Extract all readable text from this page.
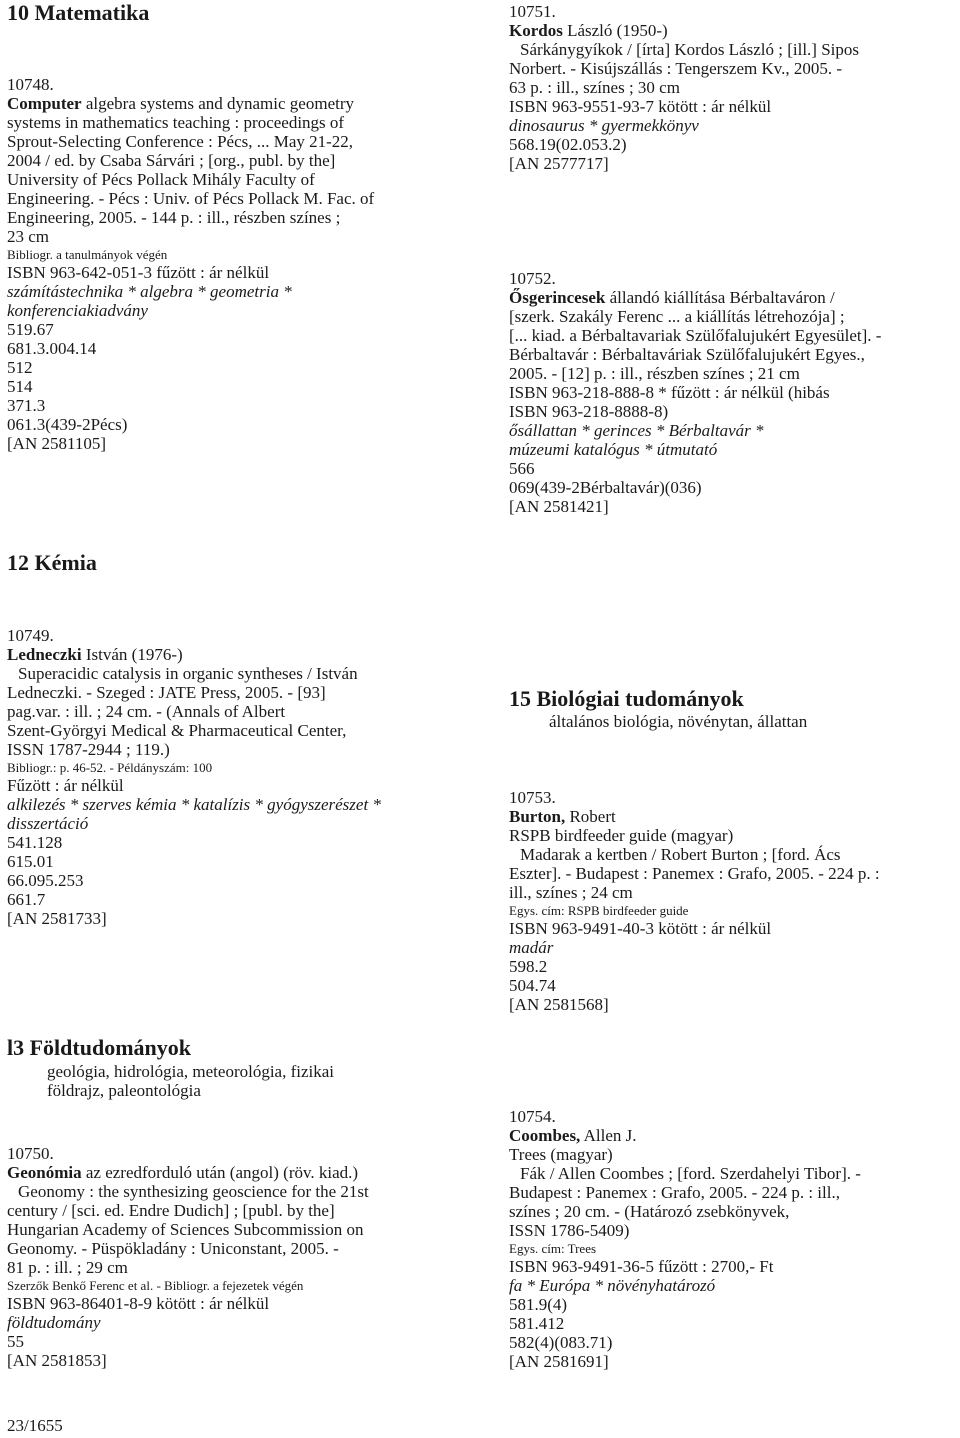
10 Matematika
10748.
Computer algebra systems and dynamic geometry
systems in mathematics teaching : proceedings of
Sprout-Selecting Conference : Pécs, ... May 21-22,
2004 / ed. by Csaba Sárvári ; [org., publ. by the]
University of Pécs Pollack Mihály Faculty of
Engineering. - Pécs : Univ. of Pécs Pollack M. Fac. of
Engineering, 2005. - 144 p. : ill., részben színes ;
23 cm
Bibliogr. a tanulmányok végén
ISBN 963-642-051-3 fűzött : ár nélkül
számítástechnika * algebra * geometria *
konferenciakiadvány
519.67
681.3.004.14
512
514
371.3
061.3(439-2Pécs)
[AN 2581105]
12 Kémia
10749.
Ledneczki István (1976-)
Superacidic catalysis in organic syntheses / István
Ledneczki. - Szeged : JATE Press, 2005. - [93]
pag.var. : ill. ; 24 cm. - (Annals of Albert
Szent-Györgyi Medical & Pharmaceutical Center,
ISSN 1787-2944 ; 119.)
Bibliogr.: p. 46-52. - Példányszám: 100
Fűzött : ár nélkül
alkilezés * szerves kémia * katalízis * gyógyszerészet *
disszertáció
541.128
615.01
66.095.253
661.7
[AN 2581733]
l3 Földtudományok
geológia, hidrológia, meteorológia, fizikai
földrajz, paleontológia
10750.
Geonómia az ezredforduló után (angol) (röv. kiad.)
Geonomy : the synthesizing geoscience for the 21st
century / [sci. ed. Endre Dudich] ; [publ. by the]
Hungarian Academy of Sciences Subcommission on
Geonomy. - Püspökladány : Uniconstant, 2005. -
81 p. : ill. ; 29 cm
Szerzők Benkő Ferenc et al. - Bibliogr. a fejezetek végén
ISBN 963-86401-8-9 kötött : ár nélkül
földtudomány
55
[AN 2581853]
23/1655
10751.
Kordos László (1950-)
Sárkánygyíkok / [írta] Kordos László ; [ill.] Sipos
Norbert. - Kisújszállás : Tengerszem Kv., 2005. -
63 p. : ill., színes ; 30 cm
ISBN 963-9551-93-7 kötött : ár nélkül
dinosaurus * gyermekkönyv
568.19(02.053.2)
[AN 2577717]
10752.
Ősgerincesek állandó kiállítása Bérbaltaváron /
[szerk. Szakály Ferenc ... a kiállítás létrehozója] ;
[... kiad. a Bérbaltavariak Szülőfalujukért Egyesület]. -
Bérbaltavár : Bérbaltaváriak Szülőfalujukért Egyes.,
2005. - [12] p. : ill., részben színes ; 21 cm
ISBN 963-218-888-8 * fűzött : ár nélkül (hibás
ISBN 963-218-8888-8)
ősállattan * gerinces * Bérbaltavár *
múzeumi katalógus * útmutató
566
069(439-2Bérbaltavár)(036)
[AN 2581421]
15 Biológiai tudományok
általános biológia, növénytan, állattan
10753.
Burton, Robert
RSPB birdfeeder guide (magyar)
Madarak a kertben / Robert Burton ; [ford. Ács
Eszter]. - Budapest : Panemex : Grafo, 2005. - 224 p. :
ill., színes ; 24 cm
Egys. cím: RSPB birdfeeder guide
ISBN 963-9491-40-3 kötött : ár nélkül
madár
598.2
504.74
[AN 2581568]
10754.
Coombes, Allen J.
Trees (magyar)
Fák / Allen Coombes ; [ford. Szerdahelyi Tibor]. -
Budapest : Panemex : Grafo, 2005. - 224 p. : ill.,
színes ; 20 cm. - (Határozó zsebkönyvek,
ISSN 1786-5409)
Egys. cím: Trees
ISBN 963-9491-36-5 fűzött : 2700,- Ft
fa * Európa * növényhatározó
581.9(4)
581.412
582(4)(083.71)
[AN 2581691]
